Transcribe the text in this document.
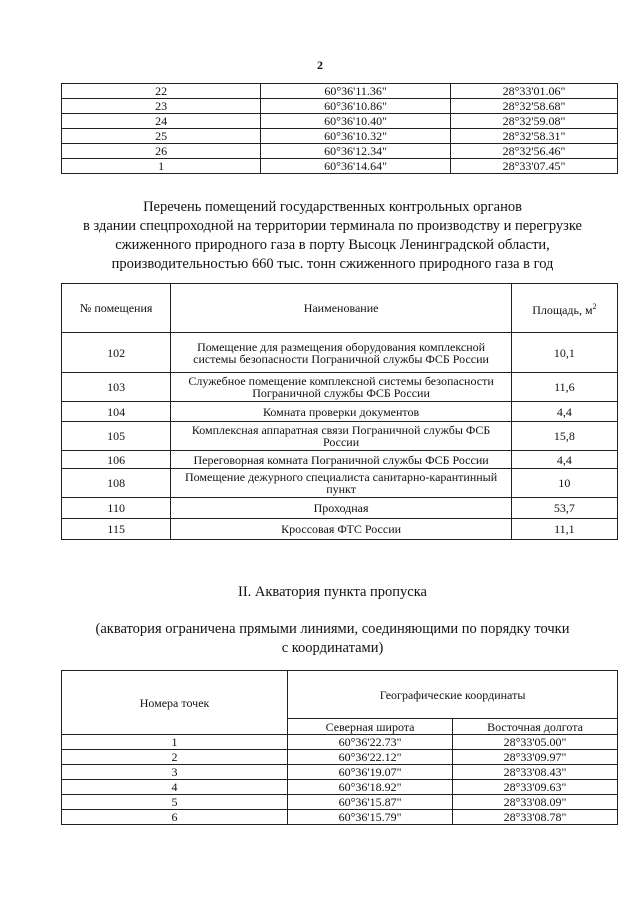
2
22	60°36'11.36"	28°33'01.06"
23	60°36'10.86"	28°32'58.68"
24	60°36'10.40"	28°32'59.08"
25	60°36'10.32"	28°32'58.31"
26	60°36'12.34"	28°32'56.46"
1	60°36'14.64"	28°33'07.45"
Перечень помещений государственных контрольных органов
в здании спецпроходной на территории терминала по производству и перегрузке
сжиженного природного газа в порту Высоцк Ленинградской области,
производительностью 660 тыс. тонн сжиженного природного газа в год
№ помещения	Наименование	Площадь, $м^2$
102	Помещение для размещения оборудования комплексной системы безопасности Пограничной службы ФСБ России	10,1
103	Служебное помещение комплексной системы безопасности Пограничной службы ФСБ России	11,6
104	Комната проверки документов	4,4
105	Комплексная аппаратная связи Пограничной службы ФСБ России	15,8
106	Переговорная комната Пограничной службы ФСБ России	4,4
108	Помещение дежурного специалиста санитарно-карантинный пункт	10
110	Проходная	53,7
115	Кроссовая ФТС России	11,1
II. Акватория пункта пропуска
(акватория ограничена прямыми линиями, соединяющими по порядку точки
с координатами)
Номера точек	Географические координаты	
	Северная широта	Восточная долгота
1	60°36'22.73"	28°33'05.00"
2	60°36'22.12"	28°33'09.97"
3	60°36'19.07"	28°33'08.43"
4	60°36'18.92"	28°33'09.63"
5	60°36'15.87"	28°33'08.09"
6	60°36'15.79"	28°33'08.78"
